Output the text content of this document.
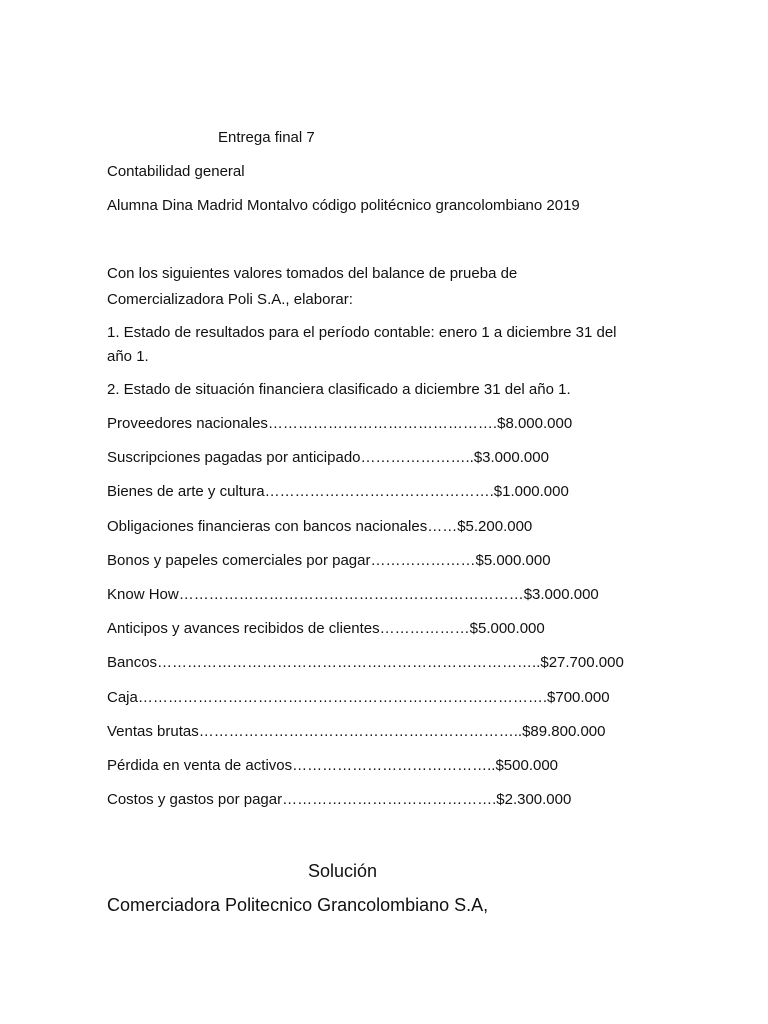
Entrega final 7
Contabilidad general
Alumna Dina Madrid Montalvo código politécnico grancolombiano 2019
Con los siguientes valores tomados del balance de prueba de
Comercializadora Poli S.A., elaborar:
1. Estado de resultados para el período contable: enero 1 a diciembre 31 del
año 1.
2. Estado de situación financiera clasificado a diciembre 31 del año 1.
Proveedores nacionales……………………………………….$8.000.000
Suscripciones pagadas por anticipado…………………..$3.000.000
Bienes de arte y cultura……………………………………….$1.000.000
Obligaciones financieras con bancos nacionales……$5.200.000
Bonos y papeles comerciales por pagar…………………$5.000.000
Know How……………………………………………………………$3.000.000
Anticipos y avances recibidos de clientes………………$5.000.000
Bancos…………………………………………………………………..$27.700.000
Caja……………………………………………………………………….$700.000
Ventas brutas………………………………………………………..$89.800.000
Pérdida en venta de activos…………………………………..$500.000
Costos y gastos por pagar…………………………………….$2.300.000
Solución
Comerciadora Politecnico Grancolombiano S.A,
